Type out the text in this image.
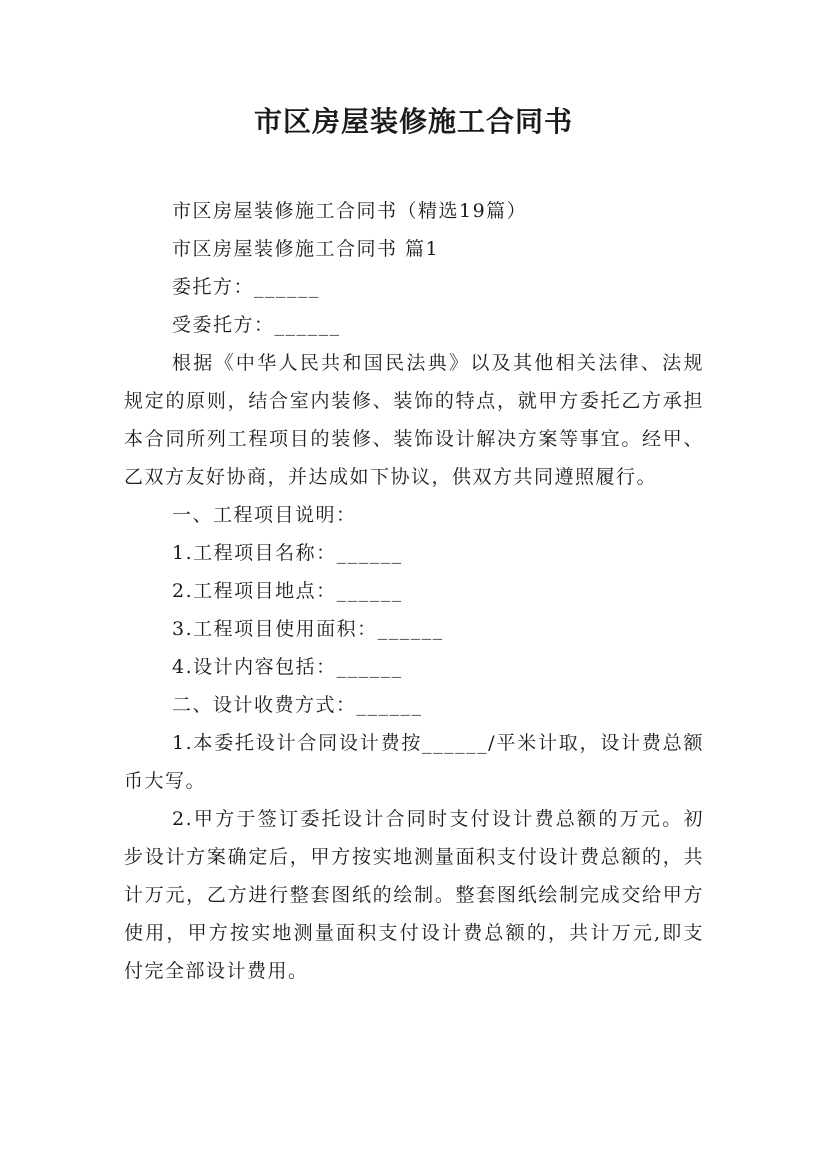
市区房屋装修施工合同书

市区房屋装修施工合同书（精选19篇）

市区房屋装修施工合同书 篇1

委托方：______

受委托方：______

根据《中华人民共和国民法典》以及其他相关法律、法规规定的原则，结合室内装修、装饰的特点，就甲方委托乙方承担本合同所列工程项目的装修、装饰设计解决方案等事宜。经甲、乙双方友好协商，并达成如下协议，供双方共同遵照履行。

一、工程项目说明：

1.工程项目名称：______

2.工程项目地点：______

3.工程项目使用面积：______

4.设计内容包括：______

二、设计收费方式：______

1.本委托设计合同设计费按______/平米计取，设计费总额币大写。

2.甲方于签订委托设计合同时支付设计费总额的万元。初步设计方案确定后，甲方按实地测量面积支付设计费总额的，共计万元，乙方进行整套图纸的绘制。整套图纸绘制完成交给甲方使用，甲方按实地测量面积支付设计费总额的，共计万元,即支付完全部设计费用。
